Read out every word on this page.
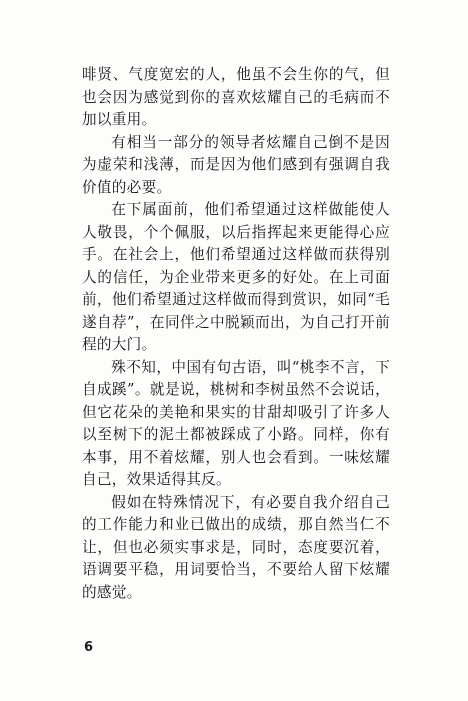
啡贤、气度宽宏的人，他虽不会生你的气，但也会因为感觉到你的喜欢炫耀自己的毛病而不加以重用。

有相当一部分的领导者炫耀自己倒不是因为虚荣和浅薄，而是因为他们感到有强调自我价值的必要。

在下属面前，他们希望通过这样做能使人人敬畏，个个佩服，以后指挥起来更能得心应手。在社会上，他们希望通过这样做而获得别人的信任，为企业带来更多的好处。在上司面前，他们希望通过这样做而得到赏识，如同“毛遂自荐”，在同伴之中脱颖而出，为自己打开前程的大门。

殊不知，中国有句古语，叫“桃李不言，下自成蹊”。就是说，桃树和李树虽然不会说话，但它花朵的美艳和果实的甘甜却吸引了许多人以至树下的泥土都被踩成了小路。同样，你有本事，用不着炫耀，别人也会看到。一味炫耀自己，效果适得其反。

假如在特殊情况下，有必要自我介绍自己的工作能力和业已做出的成绩，那自然当仁不让，但也必须实事求是，同时，态度要沉着，语调要平稳，用词要恰当，不要给人留下炫耀的感觉。

6
